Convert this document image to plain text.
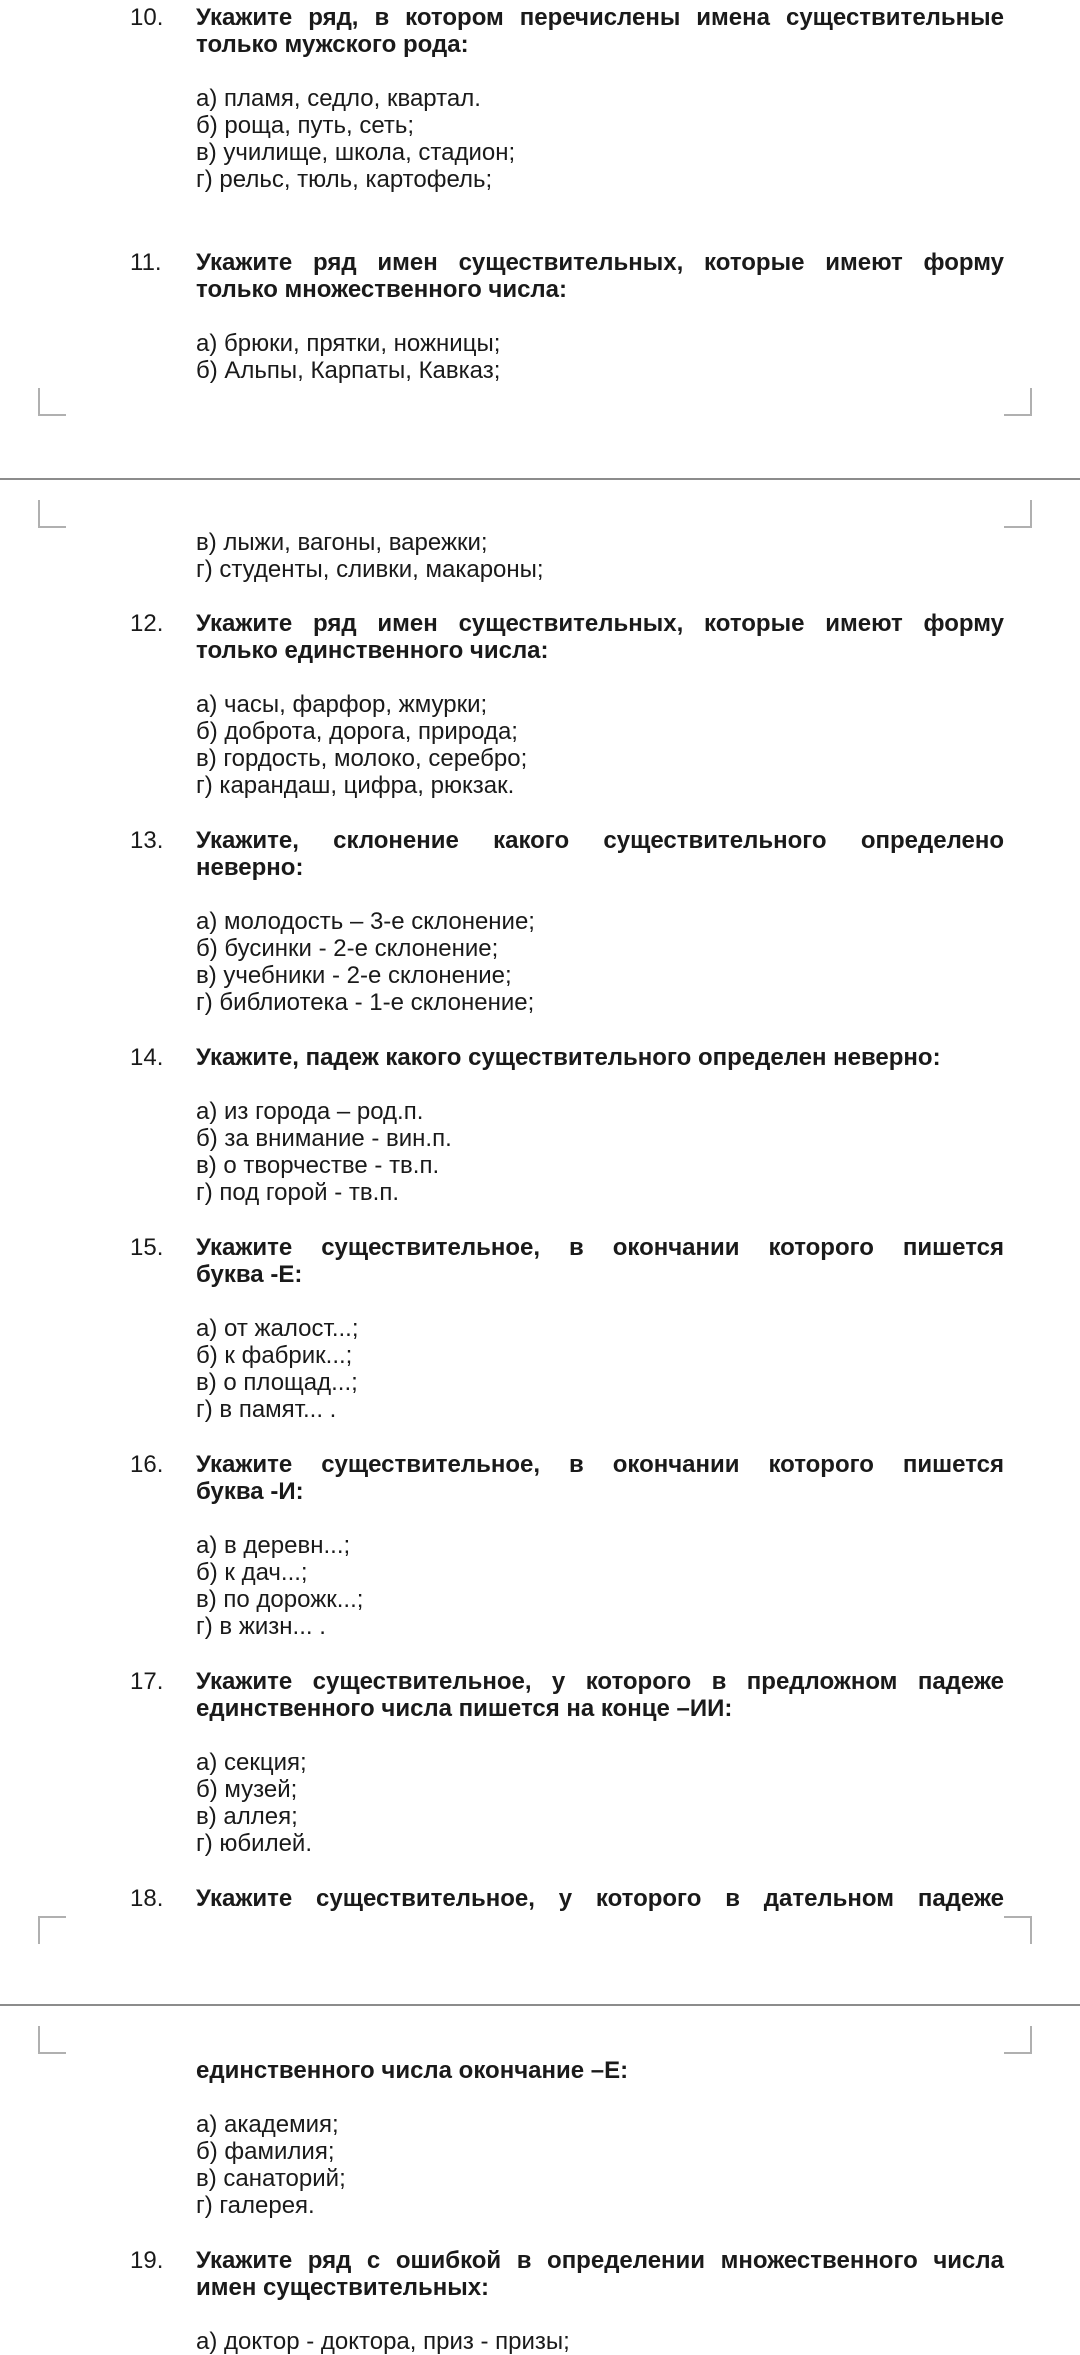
10. Укажите ряд, в котором перечислены имена существительные
только мужского рода:
а) пламя, седло, квартал.
б) роща, путь, сеть;
в) училище, школа, стадион;
г) рельс, тюль, картофель;
11. Укажите ряд имен существительных, которые имеют форму
только множественного числа:
а) брюки, прятки, ножницы;
б) Альпы, Карпаты, Кавказ;
в) лыжи, вагоны, варежки;
г) студенты, сливки, макароны;
12. Укажите ряд имен существительных, которые имеют форму
только единственного числа:
а) часы, фарфор, жмурки;
б) доброта, дорога, природа;
в) гордость, молоко, серебро;
г) карандаш, цифра, рюкзак.
13. Укажите, склонение какого существительного определено
неверно:
а) молодость – 3-е склонение;
б) бусинки - 2-е склонение;
в) учебники - 2-е склонение;
г) библиотека - 1-е склонение;
14. Укажите, падеж какого существительного определен неверно:
а) из города – род.п.
б) за внимание - вин.п.
в) о творчестве - тв.п.
г) под горой - тв.п.
15. Укажите существительное, в окончании которого пишется
буква -Е:
а) от жалост...;
б) к фабрик...;
в) о площад...;
г) в памят... .
16. Укажите существительное, в окончании которого пишется
буква -И:
а) в деревн...;
б) к дач...;
в) по дорожк...;
г) в жизн... .
17. Укажите существительное, у которого в предложном падеже
единственного числа пишется на конце –ИИ:
а) секция;
б) музей;
в) аллея;
г) юбилей.
18. Укажите существительное, у которого в дательном падеже
единственного числа окончание –Е:
а) академия;
б) фамилия;
в) санаторий;
г) галерея.
19. Укажите ряд с ошибкой в определении множественного числа
имен существительных:
а) доктор - доктора, приз - призы;
